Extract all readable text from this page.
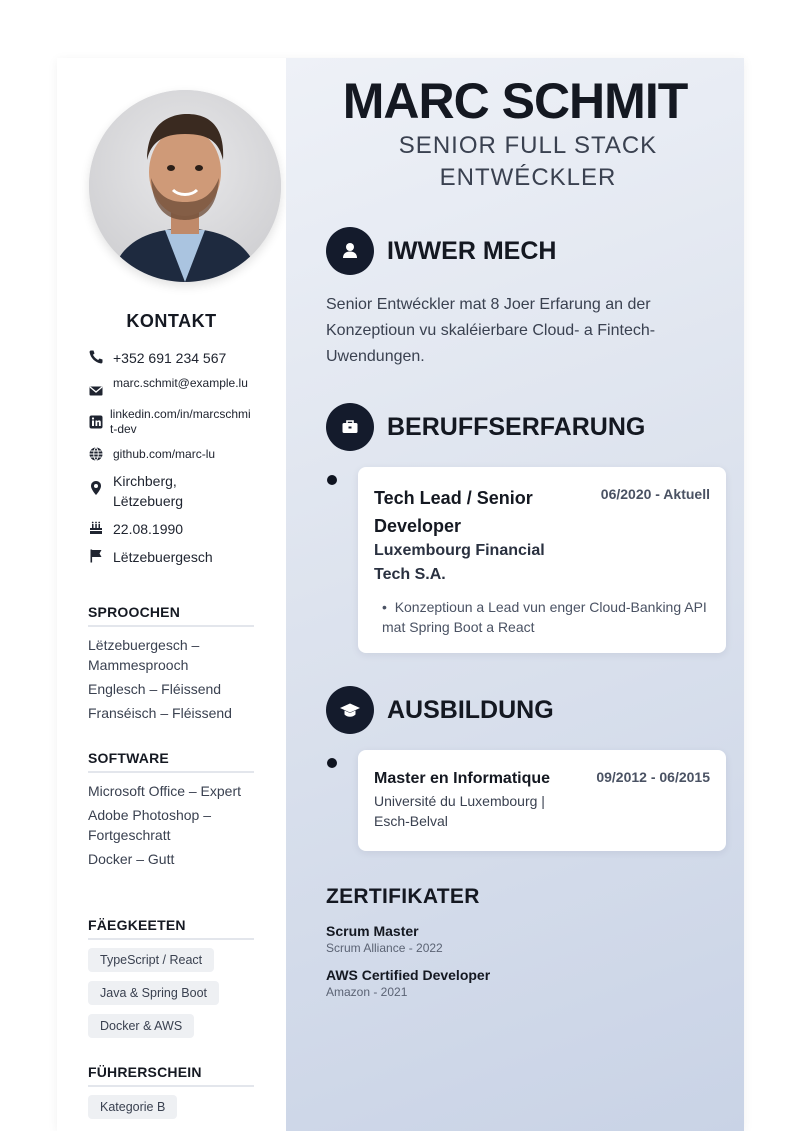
KONTAKT
+352 691 234 567
marc.schmit@example.lu
linkedin.com/in/marcschmit-dev
github.com/marc-lu
Kirchberg, Lëtzebuerg
22.08.1990
Lëtzebuergesch
SPROOCHEN
Lëtzebuergesch – Mammesprooch
Englesch – Fléissend
Franséisch – Fléissend
SOFTWARE
Microsoft Office – Expert
Adobe Photoshop – Fortgeschratt
Docker – Gutt
FÄEGKEETEN
TypeScript / React
Java & Spring Boot
Docker & AWS
FÜHRERSCHEIN
Kategorie B
MARC SCHMIT
SENIOR FULL STACK ENTWÉCKLER
IWWER MECH
Senior Entwéckler mat 8 Joer Erfarung an der Konzeptioun vu skaléierbare Cloud- a Fintech-Uwendungen.
BERUFFSERFARUNG
Tech Lead / Senior Developer
06/2020 - Aktuell
Luxembourg Financial Tech S.A.
•  Konzeptioun a Lead vun enger Cloud-Banking API mat Spring Boot a React
AUSBILDUNG
Master en Informatique	09/2012 - 06/2015
Université du Luxembourg | Esch-Belval
ZERTIFIKATER
Scrum Master
Scrum Alliance - 2022
AWS Certified Developer
Amazon - 2021
